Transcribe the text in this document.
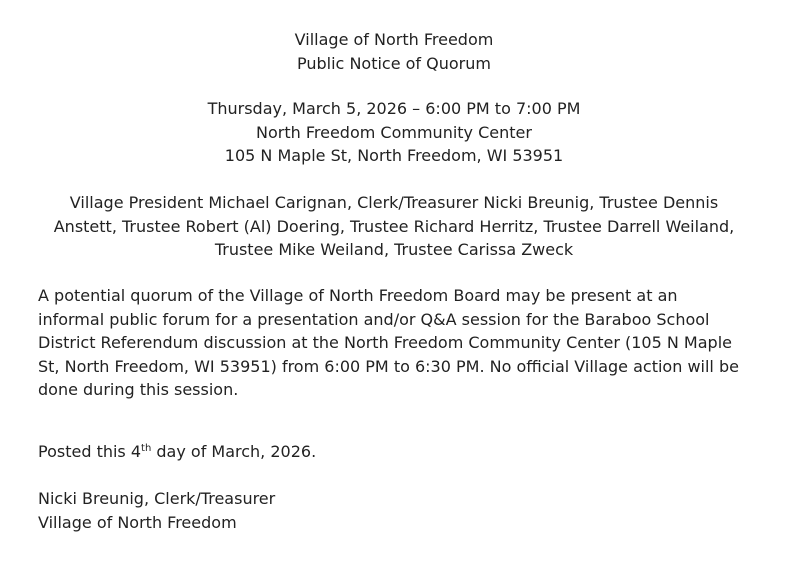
Village of North Freedom
Public Notice of Quorum
Thursday, March 5, 2026 – 6:00 PM to 7:00 PM
North Freedom Community Center
105 N Maple St, North Freedom, WI 53951
Village President Michael Carignan, Clerk/Treasurer Nicki Breunig, Trustee Dennis
Anstett, Trustee Robert (Al) Doering, Trustee Richard Herritz, Trustee Darrell Weiland,
Trustee Mike Weiland, Trustee Carissa Zweck
A potential quorum of the Village of North Freedom Board may be present at an
informal public forum for a presentation and/or Q&A session for the Baraboo School
District Referendum discussion at the North Freedom Community Center (105 N Maple
St, North Freedom, WI 53951) from 6:00 PM to 6:30 PM. No official Village action will be
done during this session.
Posted this 4th day of March, 2026.
Nicki Breunig, Clerk/Treasurer
Village of North Freedom
